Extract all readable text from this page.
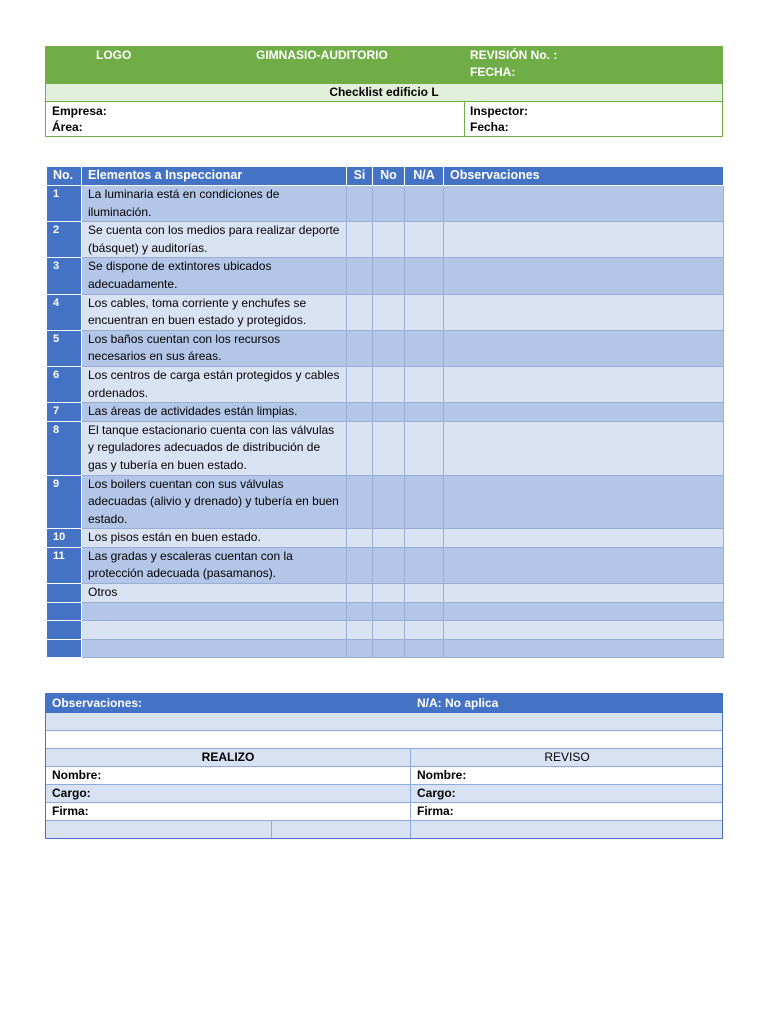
LOGO	GIMNASIO-AUDITORIO	REVISIÓN No. :
FECHA:
Checklist edificio L
Empresa:
Área:
Inspector:
Fecha:
No.	Elementos a Inspeccionar	Si	No	N/A	Observaciones
1	La luminaria está en condiciones de iluminación.				
2	Se cuenta con los medios para realizar deporte (básquet) y auditorías.				
3	Se dispone de extintores ubicados adecuadamente.				
4	Los cables, toma corriente y enchufes se encuentran en buen estado y protegidos.				
5	Los baños cuentan con los recursos necesarios en sus áreas.				
6	Los centros de carga están protegidos y cables ordenados.				
7	Las áreas de actividades están limpias.				
8	El tanque estacionario cuenta con las válvulas y reguladores adecuados de distribución de gas y tubería en buen estado.				
9	Los boilers cuentan con sus válvulas adecuadas (alivio y drenado) y tubería en buen estado.				
10	Los pisos están en buen estado.				
11	Las gradas y escaleras cuentan con la protección adecuada (pasamanos).				
	Otros				

Observaciones:	N/A: No aplica
REALIZO	REVISO
Nombre:	Nombre:
Cargo:	Cargo:
Firma:	Firma:
